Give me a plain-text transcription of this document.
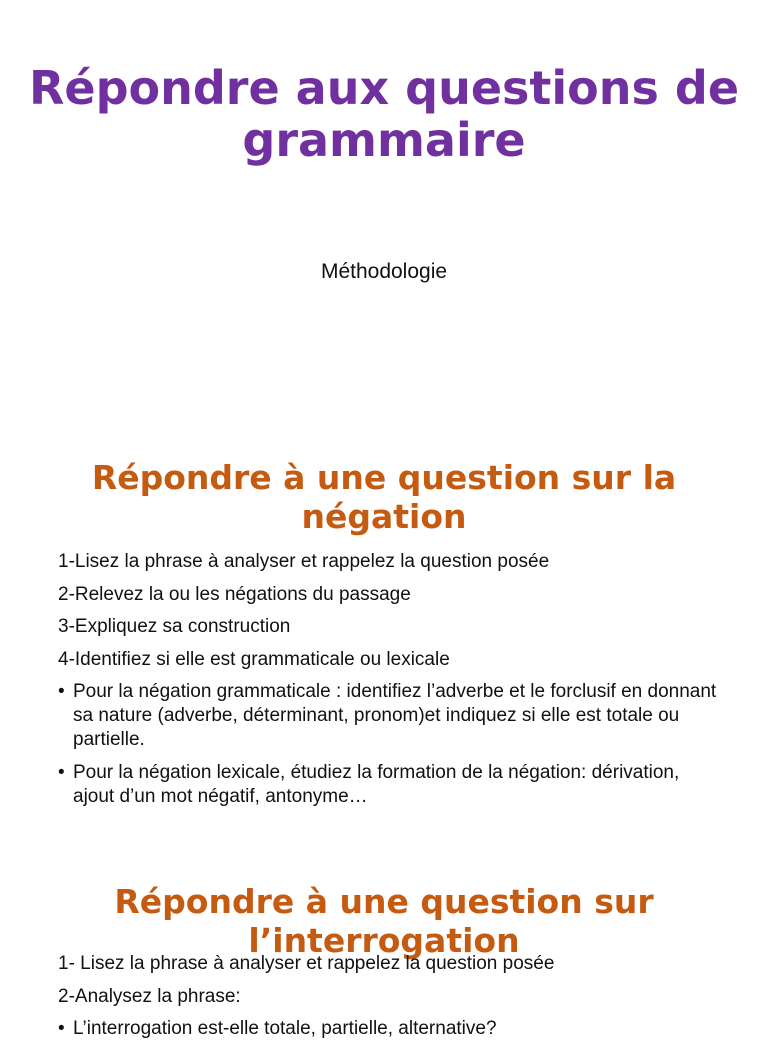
Répondre aux questions de grammaire

Méthodologie

Répondre à une question sur la négation

1-Lisez la phrase à analyser et rappelez la question posée

2-Relevez la ou les négations du passage

3-Expliquez sa construction

4-Identifiez si elle est grammaticale ou lexicale

• Pour la négation grammaticale : identifiez l’adverbe et le forclusif en donnant sa nature (adverbe, déterminant, pronom)et indiquez si elle est totale ou partielle.

• Pour la négation lexicale, étudiez la formation de la négation: dérivation, ajout d’un mot négatif, antonyme…

Répondre à une question sur l’interrogation

1- Lisez la phrase à analyser et rappelez la question posée

2-Analysez la phrase:

• L’interrogation est-elle totale, partielle, alternative?
